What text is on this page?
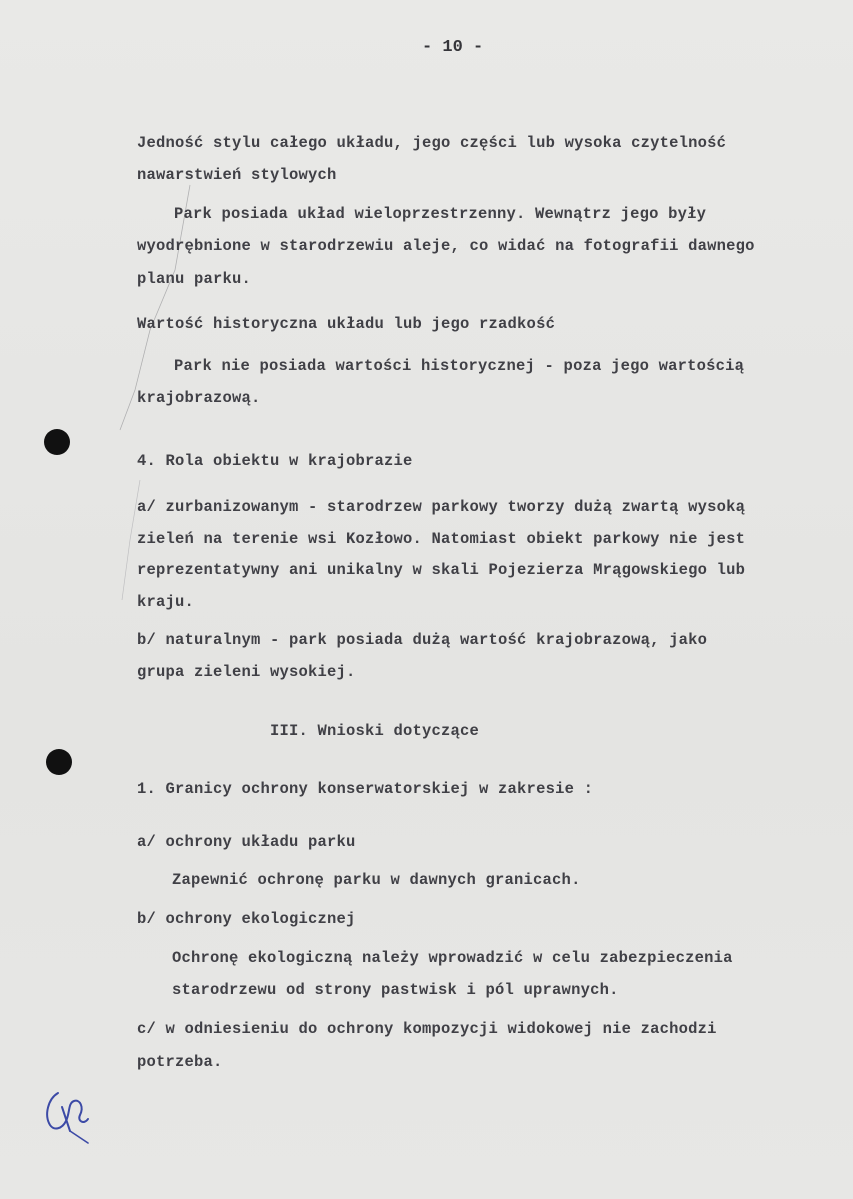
- 10 -
Jedność stylu całego układu, jego części lub wysoka czytelność
nawarstwień stylowych
Park posiada układ wieloprzestrzenny. Wewnątrz jego były
wyodrębnione w starodrzewiu aleje, co widać na fotografii dawnego
planu parku.
Wartość historyczna układu lub jego rzadkość
Park nie posiada wartości historycznej - poza jego wartością
krajobrazową.
4. Rola obiektu w krajobrazie
a/ zurbanizowanym - starodrzew parkowy tworzy dużą zwartą wysoką
zieleń na terenie wsi Kozłowo. Natomiast obiekt parkowy nie jest
reprezentatywny ani unikalny w skali Pojezierza Mrągowskiego lub
kraju.
b/ naturalnym - park posiada dużą wartość krajobrazową, jako
grupa zieleni wysokiej.
III. Wnioski dotyczące
1. Granicy ochrony konserwatorskiej w zakresie :
a/ ochrony układu parku
Zapewnić ochronę parku w dawnych granicach.
b/ ochrony ekologicznej
Ochronę ekologiczną należy wprowadzić w celu zabezpieczenia
starodrzewu od strony pastwisk i pól uprawnych.
c/ w odniesieniu do ochrony kompozycji widokowej nie zachodzi
potrzeba.
